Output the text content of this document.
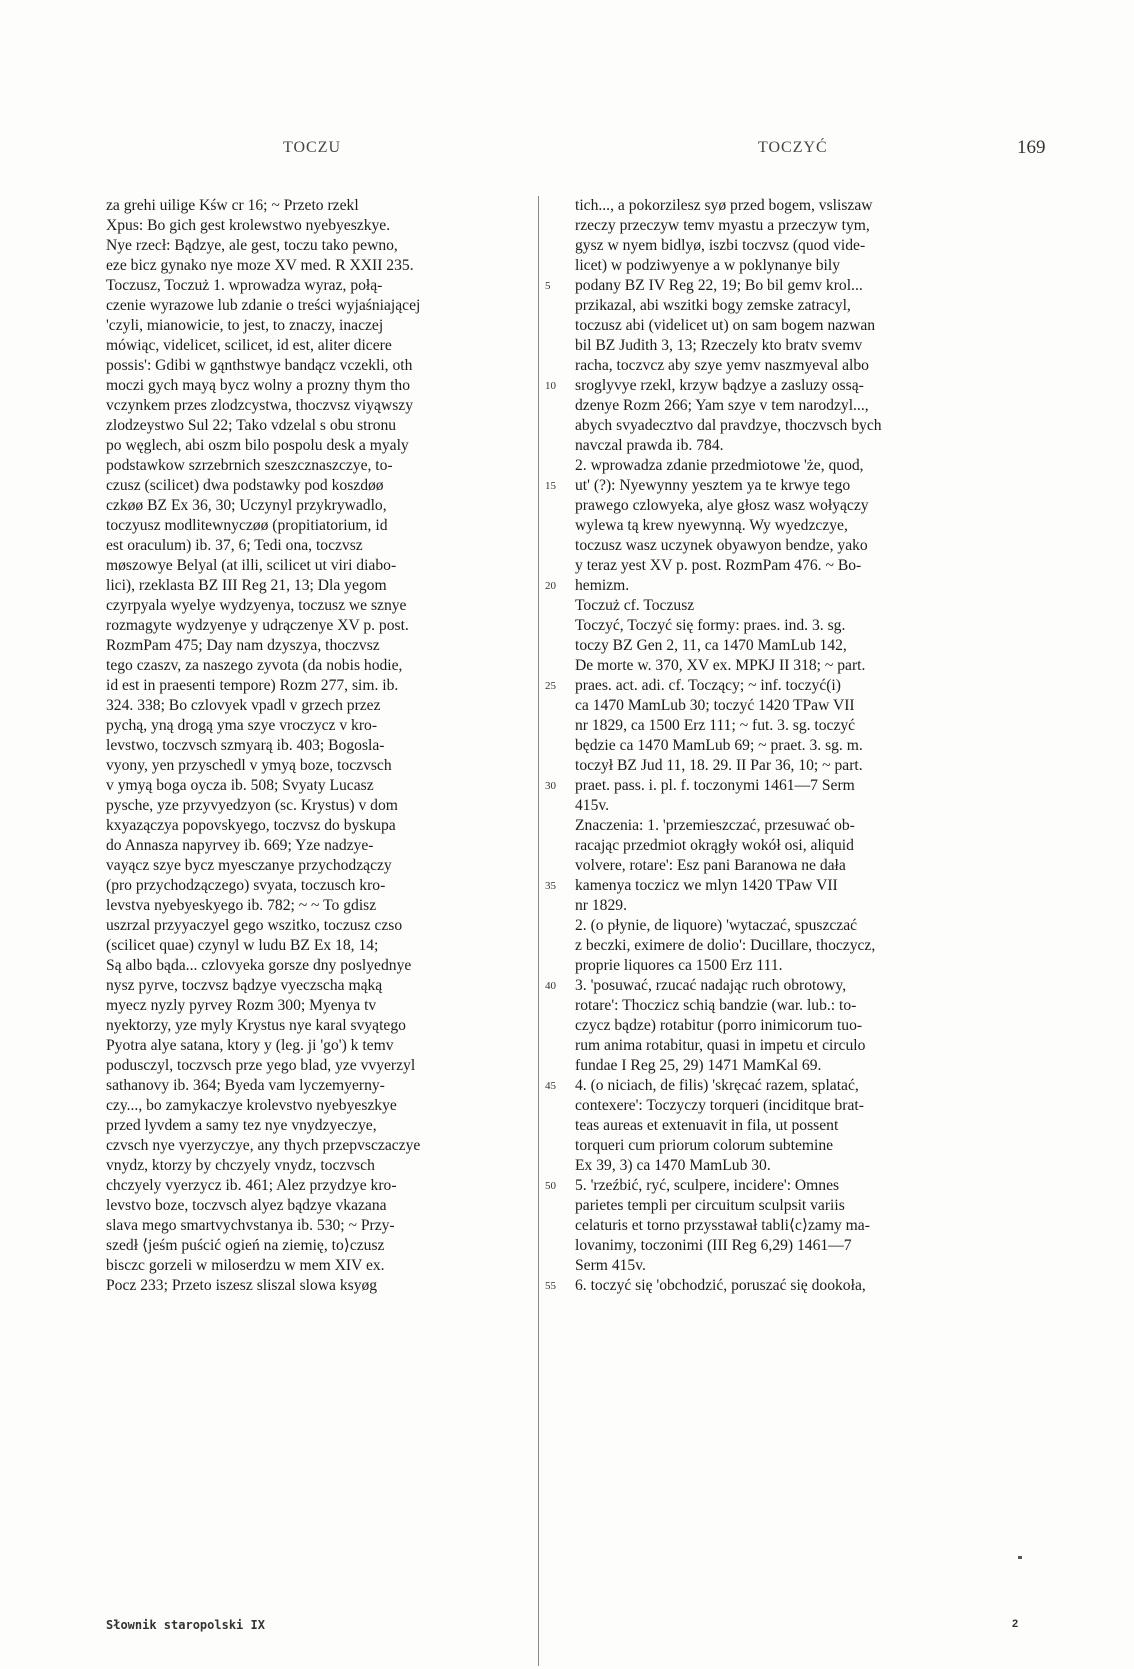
TOCZU	TOCZYĆ	169
za grehi uilige Kśw cr 16; ~ Przeto rzekl
Xpus: Bo gich gest krolewstwo nyebyeszkye.
Nye rzecł: Bądzye, ale gest, toczu tako pewno,
eze bicz gynako nye moze XV med. R XXII 235.
Toczusz, Toczuż 1. wprowadza wyraz, połą-
czenie wyrazowe lub zdanie o treści wyjaśniającej
'czyli, mianowicie, to jest, to znaczy, inaczej
mówiąc, videlicet, scilicet, id est, aliter dicere
possis': Gdibi w gąnthstwye bandącz vczekli, oth
moczi gych mayą bycz wolny a prozny thym tho
vczynkem przes zlodzcystwa, thoczvsz viyąwszy
zlodzeystwo Sul 22; Tako vdzelal s obu stronu
po węglech, abi oszm bilo pospolu desk a myaly
podstawkow szrzebrnich szeszcznaszczye, to-
czusz (scilicet) dwa podstawky pod koszdøø
czkøø BZ Ex 36, 30; Uczynyl przykrywadlo,
toczyusz modlitewnyczøø (propitiatorium, id
est oraculum) ib. 37, 6; Tedi ona, toczvsz
møszowye Belyal (at illi, scilicet ut viri diabo-
lici), rzeklasta BZ III Reg 21, 13; Dla yegom
czyrpyala wyelye wydzyenya, toczusz we sznye
rozmagyte wydzyenye y udrączenye XV p. post.
RozmPam 475; Day nam dzyszya, thoczvsz
tego czaszv, za naszego zyvota (da nobis hodie,
id est in praesenti tempore) Rozm 277, sim. ib.
324. 338; Bo czlovyek vpadl v grzech przez
pychą, yną drogą yma szye vroczycz v kro-
levstwo, toczvsch szmyarą ib. 403; Bogosla-
vyony, yen przyschedl v ymyą boze, toczvsch
v ymyą boga oycza ib. 508; Svyaty Lucasz
pysche, yze przyvyedzyon (sc. Krystus) v dom
kxyazączya popovskyego, toczvsz do byskupa
do Annasza napyrvey ib. 669; Yze nadzye-
vayącz szye bycz myesczanye przychodzączy
(pro przychodzączego) svyata, toczusch kro-
levstva nyebyeskyego ib. 782; ~ ~ To gdisz
uszrzal przyyaczyel gego wszitko, toczusz czso
(scilicet quae) czynyl w ludu BZ Ex 18, 14;
Są albo bąda... czlovyeka gorsze dny poslyednye
nysz pyrve, toczvsz bądzye vyeczscha mąką
myecz nyzly pyrvey Rozm 300; Myenya tv
nyektorzy, yze myly Krystus nye karal svyątego
Pyotra alye satana, ktory y (leg. ji 'go') k temv
podusczyl, toczvsch prze yego blad, yze vvyerzyl
sathanovy ib. 364; Byeda vam lyczemyerny-
czy..., bo zamykaczye krolevstvo nyebyeszkye
przed lyvdem a samy tez nye vnydzyeczye,
czvsch nye vyerzyczye, any thych przepvsczaczye
vnydz, ktorzy by chczyely vnydz, toczvsch
chczyely vyerzycz ib. 461; Alez przydzye kro-
levstvo boze, toczvsch alyez bądzye vkazana
slava mego smartvychvstanya ib. 530; ~ Przy-
szedł ⟨jeśm puścić ogień na ziemię, to⟩czusz
bisczc gorzeli w miloserdzu w mem XIV ex.
Pocz 233; Przeto iszesz sliszal slowa ksyøg
5
10
15
20
25
30
35
40
45
50
55
tich..., a pokorzilesz syø przed bogem, vsliszaw
rzeczy przeczyw temv myastu a przeczyw tym,
gysz w nyem bidlyø, iszbi toczvsz (quod vide-
licet) w podziwyenye a w poklynanye bily
podany BZ IV Reg 22, 19; Bo bil gemv krol...
przikazal, abi wszitki bogy zemske zatracyl,
toczusz abi (videlicet ut) on sam bogem nazwan
bil BZ Judith 3, 13; Rzeczely kto bratv svemv
racha, toczvcz aby szye yemv naszmyeval albo
sroglyvye rzekl, krzyw bądzye a zasluzy ossą-
dzenye Rozm 266; Yam szye v tem narodzyl...,
abych svyadecztvo dal pravdzye, thoczvsch bych
navczal prawda ib. 784.
2. wprowadza zdanie przedmiotowe 'że, quod,
ut' (?): Nyewynny yesztem ya te krwye tego
prawego czlowyeka, alye głosz wasz wołyączy
wylewa tą krew nyewynną. Wy wyedzczye,
toczusz wasz uczynek obyawyon bendze, yako
y teraz yest XV p. post. RozmPam 476. ~ Bo-
hemizm.
Toczuż cf. Toczusz
Toczyć, Toczyć się formy: praes. ind. 3. sg.
toczy BZ Gen 2, 11, ca 1470 MamLub 142,
De morte w. 370, XV ex. MPKJ II 318; ~ part.
praes. act. adi. cf. Toczący; ~ inf. toczyć(i)
ca 1470 MamLub 30; toczyć 1420 TPaw VII
nr 1829, ca 1500 Erz 111; ~ fut. 3. sg. toczyć
będzie ca 1470 MamLub 69; ~ praet. 3. sg. m.
toczył BZ Jud 11, 18. 29. II Par 36, 10; ~ part.
praet. pass. i. pl. f. toczonymi 1461—7 Serm
415v.
Znaczenia: 1. 'przemieszczać, przesuwać ob-
racając przedmiot okrągły wokół osi, aliquid
volvere, rotare': Esz pani Baranowa ne dała
kamenya toczicz we mlyn 1420 TPaw VII
nr 1829.
2. (o płynie, de liquore) 'wytaczać, spuszczać
z beczki, eximere de dolio': Ducillare, thoczycz,
proprie liquores ca 1500 Erz 111.
3. 'posuwać, rzucać nadając ruch obrotowy,
rotare': Thoczicz schią bandzie (war. lub.: to-
czycz bądze) rotabitur (porro inimicorum tuo-
rum anima rotabitur, quasi in impetu et circulo
fundae I Reg 25, 29) 1471 MamKal 69.
4. (o niciach, de filis) 'skręcać razem, splatać,
contexere': Toczyczy torqueri (inciditque brat-
teas aureas et extenuavit in fila, ut possent
torqueri cum priorum colorum subtemine
Ex 39, 3) ca 1470 MamLub 30.
5. 'rzeźbić, ryć, sculpere, incidere': Omnes
parietes templi per circuitum sculpsit variis
celaturis et torno przysstawał tabli⟨c⟩zamy ma-
lovanimy, toczonimi (III Reg 6,29) 1461—7
Serm 415v.
6. toczyć się 'obchodzić, poruszać się dookoła,
Słownik staropolski IX	2
